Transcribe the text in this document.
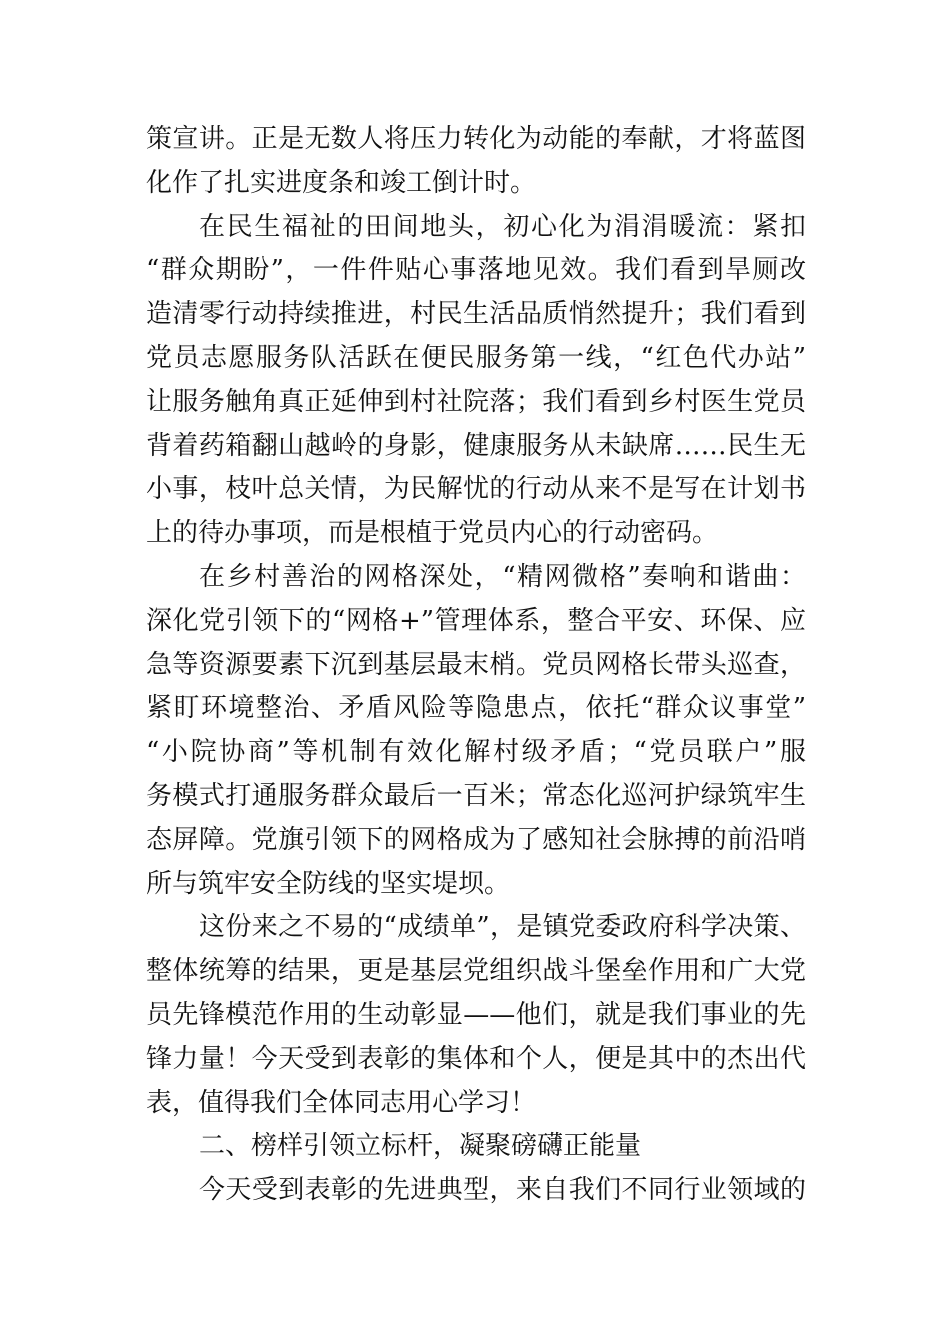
策宣讲。正是无数人将压力转化为动能的奉献，才将蓝图
化作了扎实进度条和竣工倒计时。
在民生福祉的田间地头，初心化为涓涓暖流：紧扣
“群众期盼”，一件件贴心事落地见效。我们看到旱厕改
造清零行动持续推进，村民生活品质悄然提升；我们看到
党员志愿服务队活跃在便民服务第一线，“红色代办站”
让服务触角真正延伸到村社院落；我们看到乡村医生党员
背着药箱翻山越岭的身影，健康服务从未缺席……民生无
小事，枝叶总关情，为民解忧的行动从来不是写在计划书
上的待办事项，而是根植于党员内心的行动密码。
在乡村善治的网格深处，“精网微格”奏响和谐曲：
深化党引领下的“网格+”管理体系，整合平安、环保、应
急等资源要素下沉到基层最末梢。党员网格长带头巡查，
紧盯环境整治、矛盾风险等隐患点，依托“群众议事堂”
“小院协商”等机制有效化解村级矛盾；“党员联户”服
务模式打通服务群众最后一百米；常态化巡河护绿筑牢生
态屏障。党旗引领下的网格成为了感知社会脉搏的前沿哨
所与筑牢安全防线的坚实堤坝。
这份来之不易的“成绩单”，是镇党委政府科学决策、
整体统筹的结果，更是基层党组织战斗堡垒作用和广大党
员先锋模范作用的生动彰显——他们，就是我们事业的先
锋力量！今天受到表彰的集体和个人，便是其中的杰出代
表，值得我们全体同志用心学习！
二、榜样引领立标杆，凝聚磅礴正能量
今天受到表彰的先进典型，来自我们不同行业领域的
